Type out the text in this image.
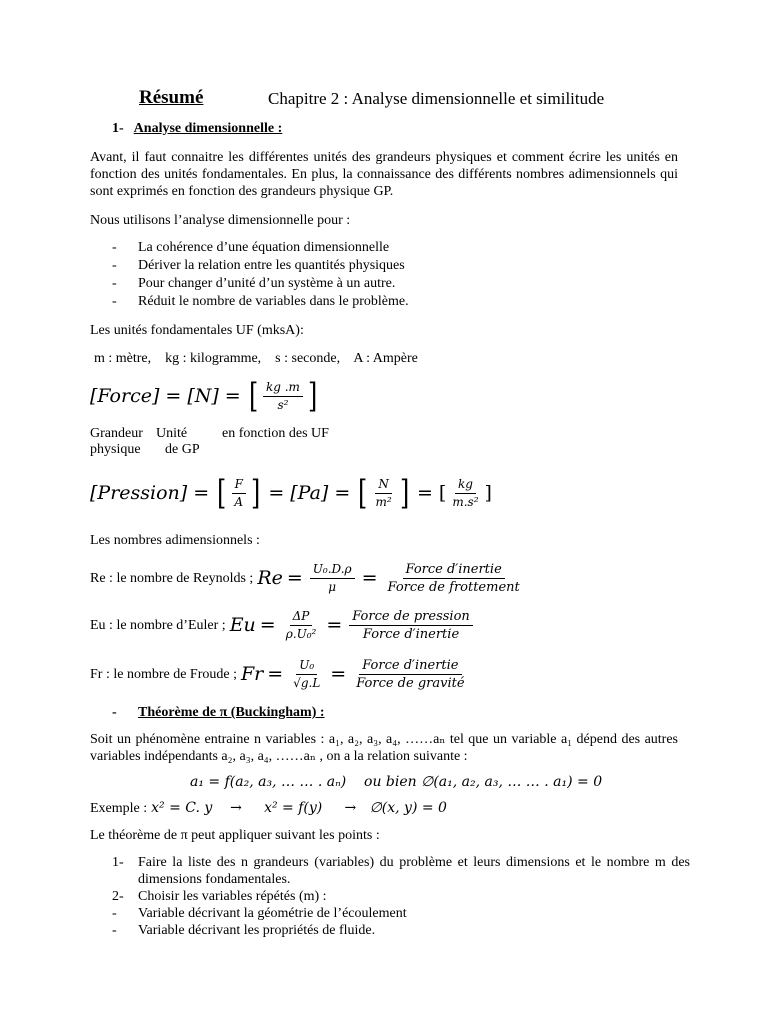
Résumé	Chapitre 2 : Analyse dimensionnelle et similitude
1- Analyse dimensionnelle :
Avant, il faut connaitre les différentes unités des grandeurs physiques et comment écrire les unités en fonction des unités fondamentales. En plus, la connaissance des différents nombres adimensionnels qui sont exprimés en fonction des grandeurs physique GP.
Nous utilisons l’analyse dimensionnelle pour :
-	La cohérence d’une équation dimensionnelle
-	Dériver la relation entre les quantités physiques
-	Pour changer d’unité d’un système à un autre.
-	Réduit le nombre de variables dans le problème.
Les unités fondamentales UF (mksA):
m : mètre,    kg : kilogramme,    s : seconde,    A : Ampère
[Force] = [N] = [ $\frac{kg .m}{\text{s²}}$ ]
Grandeur
physique
Unité
de GP
en fonction des UF
[Pression] = [ $\frac{F}{A}$ ] = [Pa] = [ $\frac{N}{\text{m²}}$ ] = [ $\frac{kg}{\text{m.s²}}$ ]
Les nombres adimensionnels :
Re : le nombre de Reynolds ; $Re = \frac{\text{U₀.D.ρ}}{\mu} = \frac{\text{Force d′inertie}}{\text{Force de frottement}}$
Eu : le nombre d’Euler ; $Eu = \frac{\Delta P}{\text{ρ.U₀²}} = \frac{\text{Force de pression}}{\text{Force d′inertie}}$
Fr : le nombre de Froude ; $Fr = \frac{\text{U₀}}{√g.L} = \frac{\text{Force d′inertie}}{\text{Force de gravité}}$
- Théorème de π (Buckingham) :
Soit un phénomène entraine n variables : a₁, a₂, a₃, a₄, ……aₙ tel que un variable a₁ dépend des autres variables indépendants a₂, a₃, a₄, ……aₙ , on a la relation suivante :
a₁ = f(a₂, a₃, … … . aₙ)    ou bien ∅(a₁, a₂, a₃, … … . a₁) = 0
Exemple : x² = C. y    →     x² = f(y)     →   ∅(x, y) = 0
Le théorème de π peut appliquer suivant les points :
1-	Faire la liste des n grandeurs (variables) du problème et leurs dimensions et le nombre m des dimensions fondamentales.
2-	Choisir les variables répétés (m) :
-	Variable décrivant la géométrie de l’écoulement
-	Variable décrivant les propriétés de fluide.
